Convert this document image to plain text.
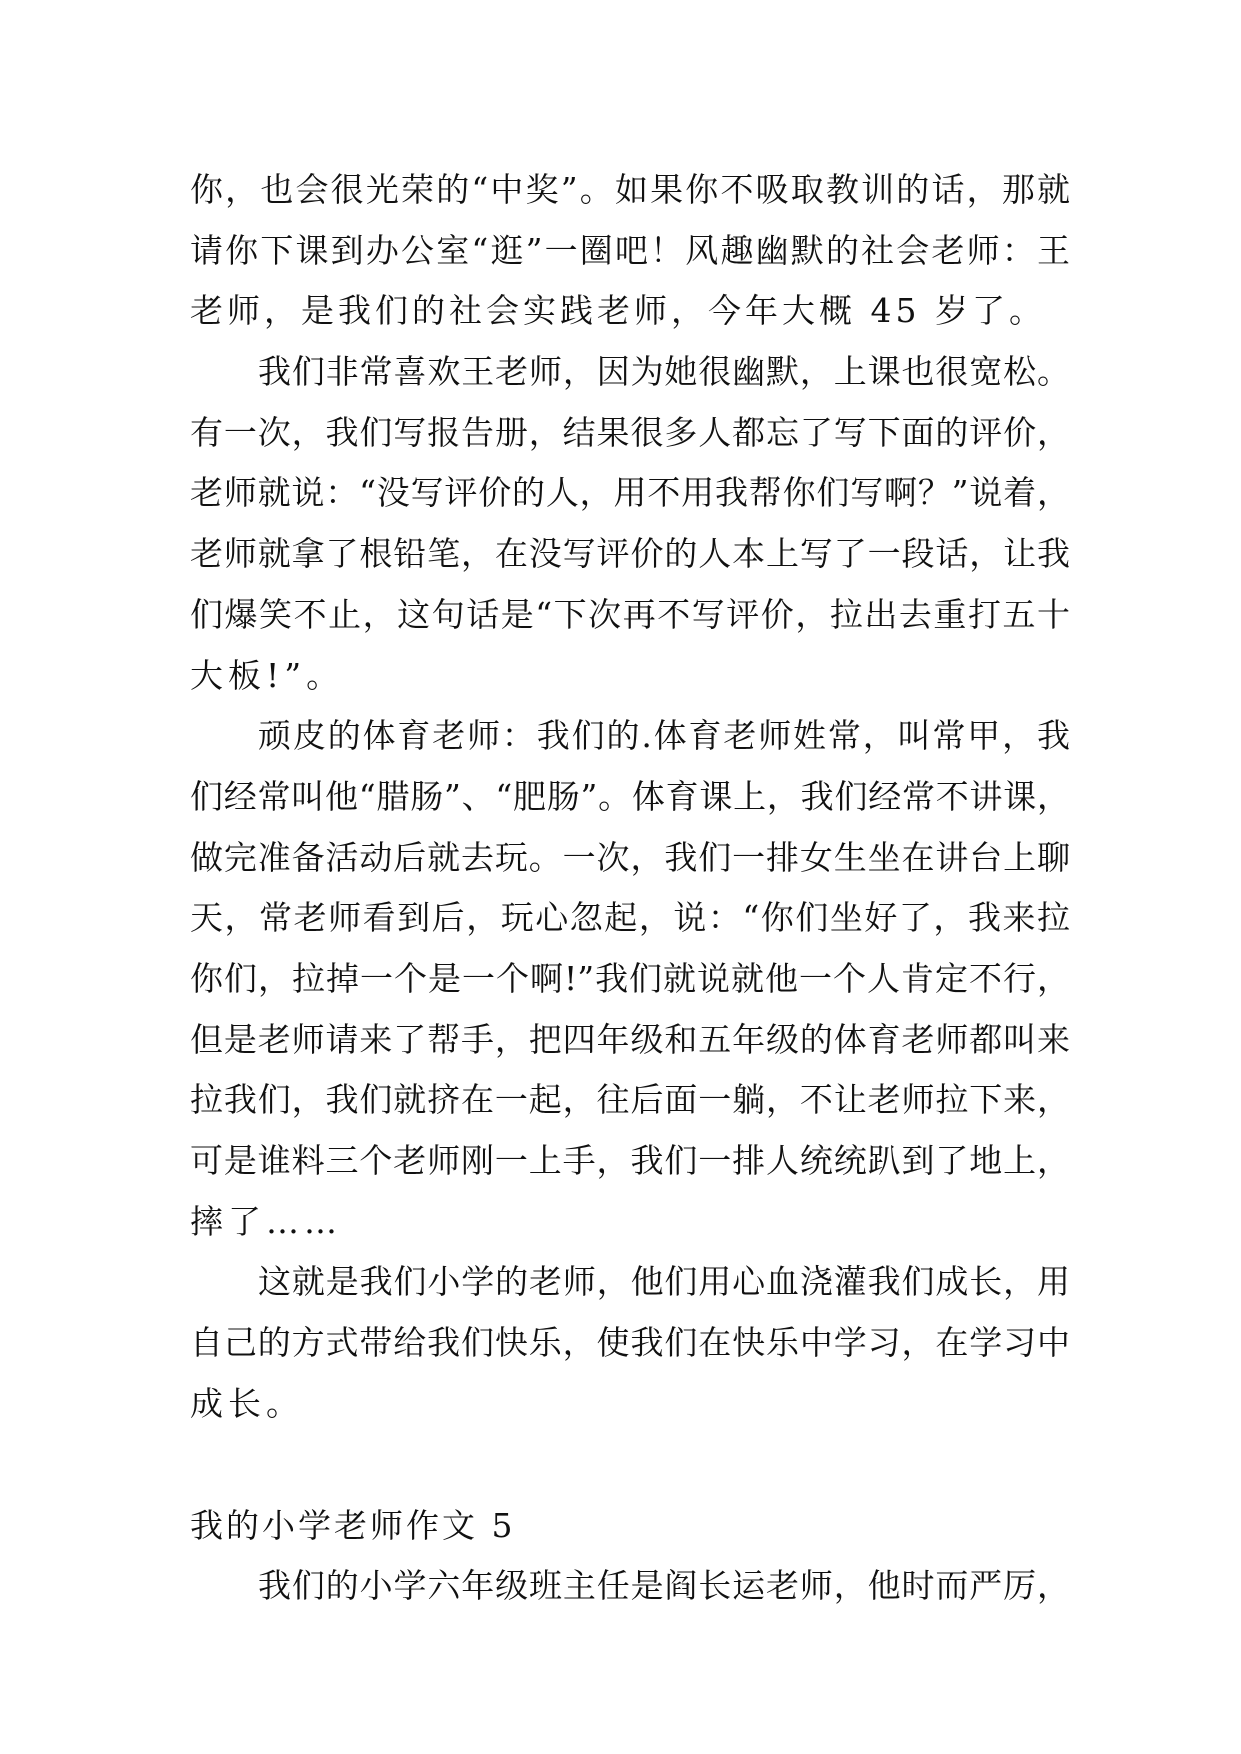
你，也会很光荣的“中奖”。如果你不吸取教训的话，那就
请你下课到办公室“逛”一圈吧！风趣幽默的社会老师：王
老师，是我们的社会实践老师，今年大概 45 岁了。
我们非常喜欢王老师，因为她很幽默，上课也很宽松。
有一次，我们写报告册，结果很多人都忘了写下面的评价，
老师就说：“没写评价的人，用不用我帮你们写啊？”说着，
老师就拿了根铅笔，在没写评价的人本上写了一段话，让我
们爆笑不止，这句话是“下次再不写评价，拉出去重打五十
大板!”。
顽皮的体育老师：我们的.体育老师姓常，叫常甲，我
们经常叫他“腊肠”、“肥肠”。体育课上，我们经常不讲课，
做完准备活动后就去玩。一次，我们一排女生坐在讲台上聊
天，常老师看到后，玩心忽起，说：“你们坐好了，我来拉
你们，拉掉一个是一个啊!”我们就说就他一个人肯定不行，
但是老师请来了帮手，把四年级和五年级的体育老师都叫来
拉我们，我们就挤在一起，往后面一躺，不让老师拉下来，
可是谁料三个老师刚一上手，我们一排人统统趴到了地上，
摔了……
这就是我们小学的老师，他们用心血浇灌我们成长，用
自己的方式带给我们快乐，使我们在快乐中学习，在学习中
成长。
我的小学老师作文 5
我们的小学六年级班主任是阎长运老师，他时而严厉，
